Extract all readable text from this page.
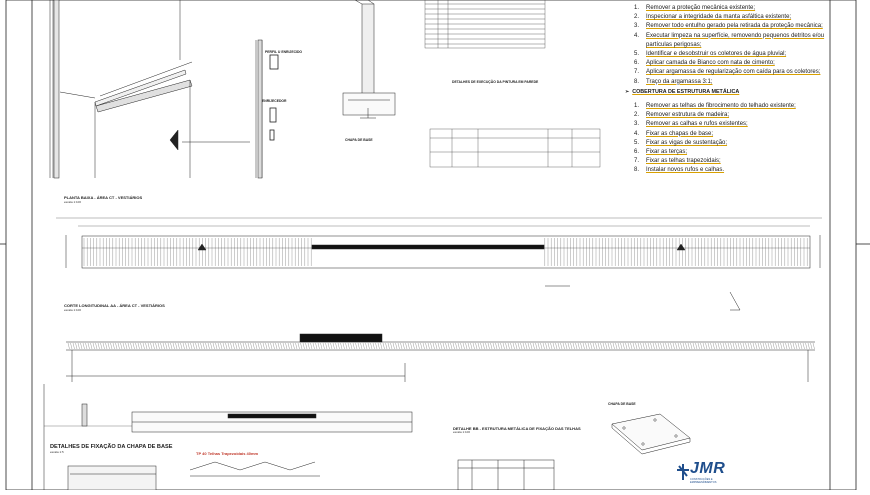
PLANTA BAIXA - ÁREA CT - VESTIÁRIOS
escala 1:100
CORTE LONGITUDINAL AA - ÁREA CT - VESTIÁRIOS
escala 1:100
DETALHES DE FIXAÇÃO DA CHAPA DE BASE
escala 1:5	TP 40 Telhas Trapezoidais 40mm
DETALHE BB - ESTRUTURA METÁLICA DE FIXAÇÃO DAS TELHAS
escala 1:100
CHAPA DE BASE
PERFIL U ENRIJECIDO
ENRIJECEDOR
CHAPA DE BASE
DETALHES DE EXECUÇÃO DA PINTURA EM PAREDE
1. Remover a proteção mecânica existente;
2. Inspecionar a integridade da manta asfáltica existente;
3. Remover todo entulho gerado pela retirada da proteção mecânica;
4. Executar limpeza na superfície, removendo pequenos detritos e/ou
partículas perigosas;
5. Identificar e desobstruir os coletores de água pluvial;
6. Aplicar camada de Bianco com nata de cimento;
7. Aplicar argamassa de regularização com caída para os coletores;
8. Traço da argamassa 3:1;
➢ COBERTURA DE ESTRUTURA METÁLICA
1. Remover as telhas de fibrocimento do telhado existente;
2. Remover estrutura de madeira;
3. Remover as calhas e rufos existentes;
4. Fixar as chapas de base;
5. Fixar as vigas de sustentação;
6. Fixar as terças;
7. Fixar as telhas trapezoidais;
8. Instalar novos rufos e calhas.
JMR
CONSTRUÇÕES E EMPREENDIMENTOS
